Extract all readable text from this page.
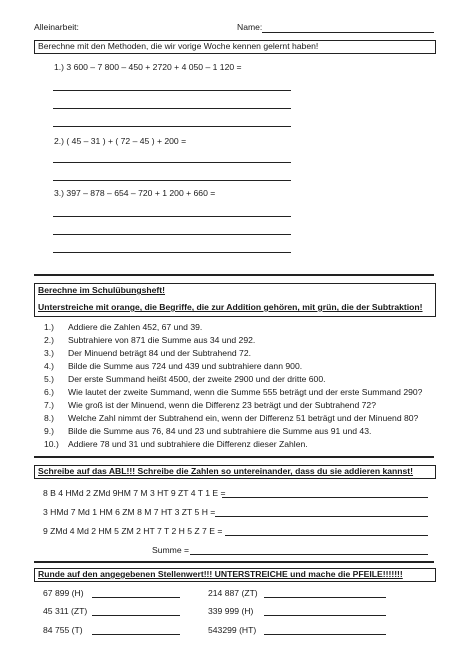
Alleinarbeit:	Name:
Berechne mit den Methoden, die wir vorige Woche kennen gelernt haben!
1.) 3 600 – 7 800 – 450 + 2720 + 4 050 – 1 120 =
2.) ( 45 – 31 ) + ( 72 – 45 ) + 200 =
3.) 397 – 878 – 654 – 720 + 1 200 + 660 =
Berechne im Schulübungsheft!
Unterstreiche mit orange, die Begriffe, die zur Addition gehören, mit grün, die der Subtraktion!
1.) Addiere die Zahlen 452, 67 und 39.
2.) Subtrahiere von 871 die Summe aus 34 und 292.
3.) Der Minuend beträgt 84 und der Subtrahend 72.
4.) Bilde die Summe aus 724 und 439 und subtrahiere dann 900.
5.) Der erste Summand heißt 4500, der zweite 2900 und der dritte 600.
6.) Wie lautet der zweite Summand, wenn die Summe 555 beträgt und der erste Summand 290?
7.) Wie groß ist der Minuend, wenn die Differenz 23 beträgt und der Subtrahend 72?
8.) Welche Zahl nimmt der Subtrahend ein, wenn der Differenz 51 beträgt und der Minuend 80?
9.) Bilde die Summe aus 76, 84 und 23 und subtrahiere die Summe aus 91 und 43.
10.) Addiere 78 und 31 und subtrahiere die Differenz dieser Zahlen.
Schreibe auf das ABL!!! Schreibe die Zahlen so untereinander, dass du sie addieren kannst!
8 B 4 HMd 2 ZMd 9HM 7 M 3 HT 9 ZT 4 T 1 E =
3 HMd 7 Md 1 HM 6 ZM 8 M 7 HT 3 ZT 5 H =
9 ZMd 4 Md 2 HM 5 ZM 2 HT 7 T 2 H 5 Z 7 E =
Summe =
Runde auf den angegebenen Stellenwert!!! UNTERSTREICHE und mache die PFEILE!!!!!!!
67 899 (H)
45 311 (ZT)
84 755 (T)
214 887 (ZT)
339 999 (H)
543299 (HT)
